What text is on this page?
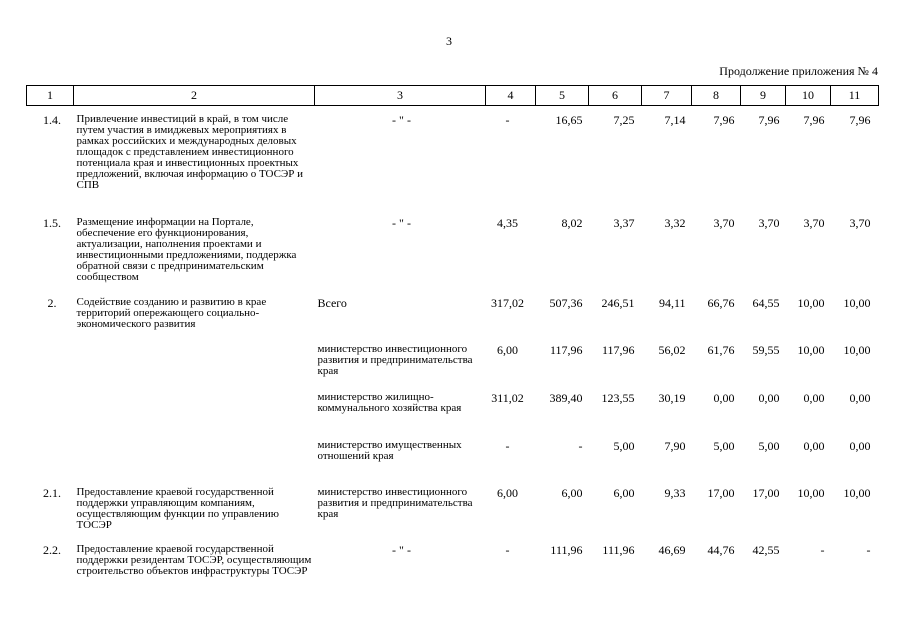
3
Продолжение приложения № 4
1	2	3	4	5	6	7	8	9	10	11
1.4.	Привлечение инвестиций в край, в том числе путем участия в имиджевых мероприятиях в рамках российских и международных деловых площадок с представлением инвестиционного потенциала края и инвестиционных проектных предложений, включая информацию о ТОСЭР и СПВ	- " -	-	16,65	7,25	7,14	7,96	7,96	7,96	7,96
1.5.	Размещение информации на Портале, обеспечение его функционирования, актуализации, наполнения проектами и инвестиционными предложениями, поддержка обратной связи с предпринимательским сообществом	- " -	4,35	8,02	3,37	3,32	3,70	3,70	3,70	3,70
2.	Содействие созданию и развитию в крае территорий опережающего социально-экономического развития	Всего	317,02	507,36	246,51	94,11	66,76	64,55	10,00	10,00
		министерство инвестиционного развития и предпринимательства края	6,00	117,96	117,96	56,02	61,76	59,55	10,00	10,00
		министерство жилищно-коммунального хозяйства края	311,02	389,40	123,55	30,19	0,00	0,00	0,00	0,00
		министерство имущественных отношений края	-	-	5,00	7,90	5,00	5,00	0,00	0,00
2.1.	Предоставление краевой государственной поддержки управляющим компаниям, осуществляющим функции по управлению ТОСЭР	министерство инвестиционного развития и предпринимательства края	6,00	6,00	6,00	9,33	17,00	17,00	10,00	10,00
2.2.	Предоставление краевой государственной поддержки резидентам ТОСЭР, осуществляющим строительство объектов инфраструктуры ТОСЭР	- " -	-	111,96	111,96	46,69	44,76	42,55	-	-
